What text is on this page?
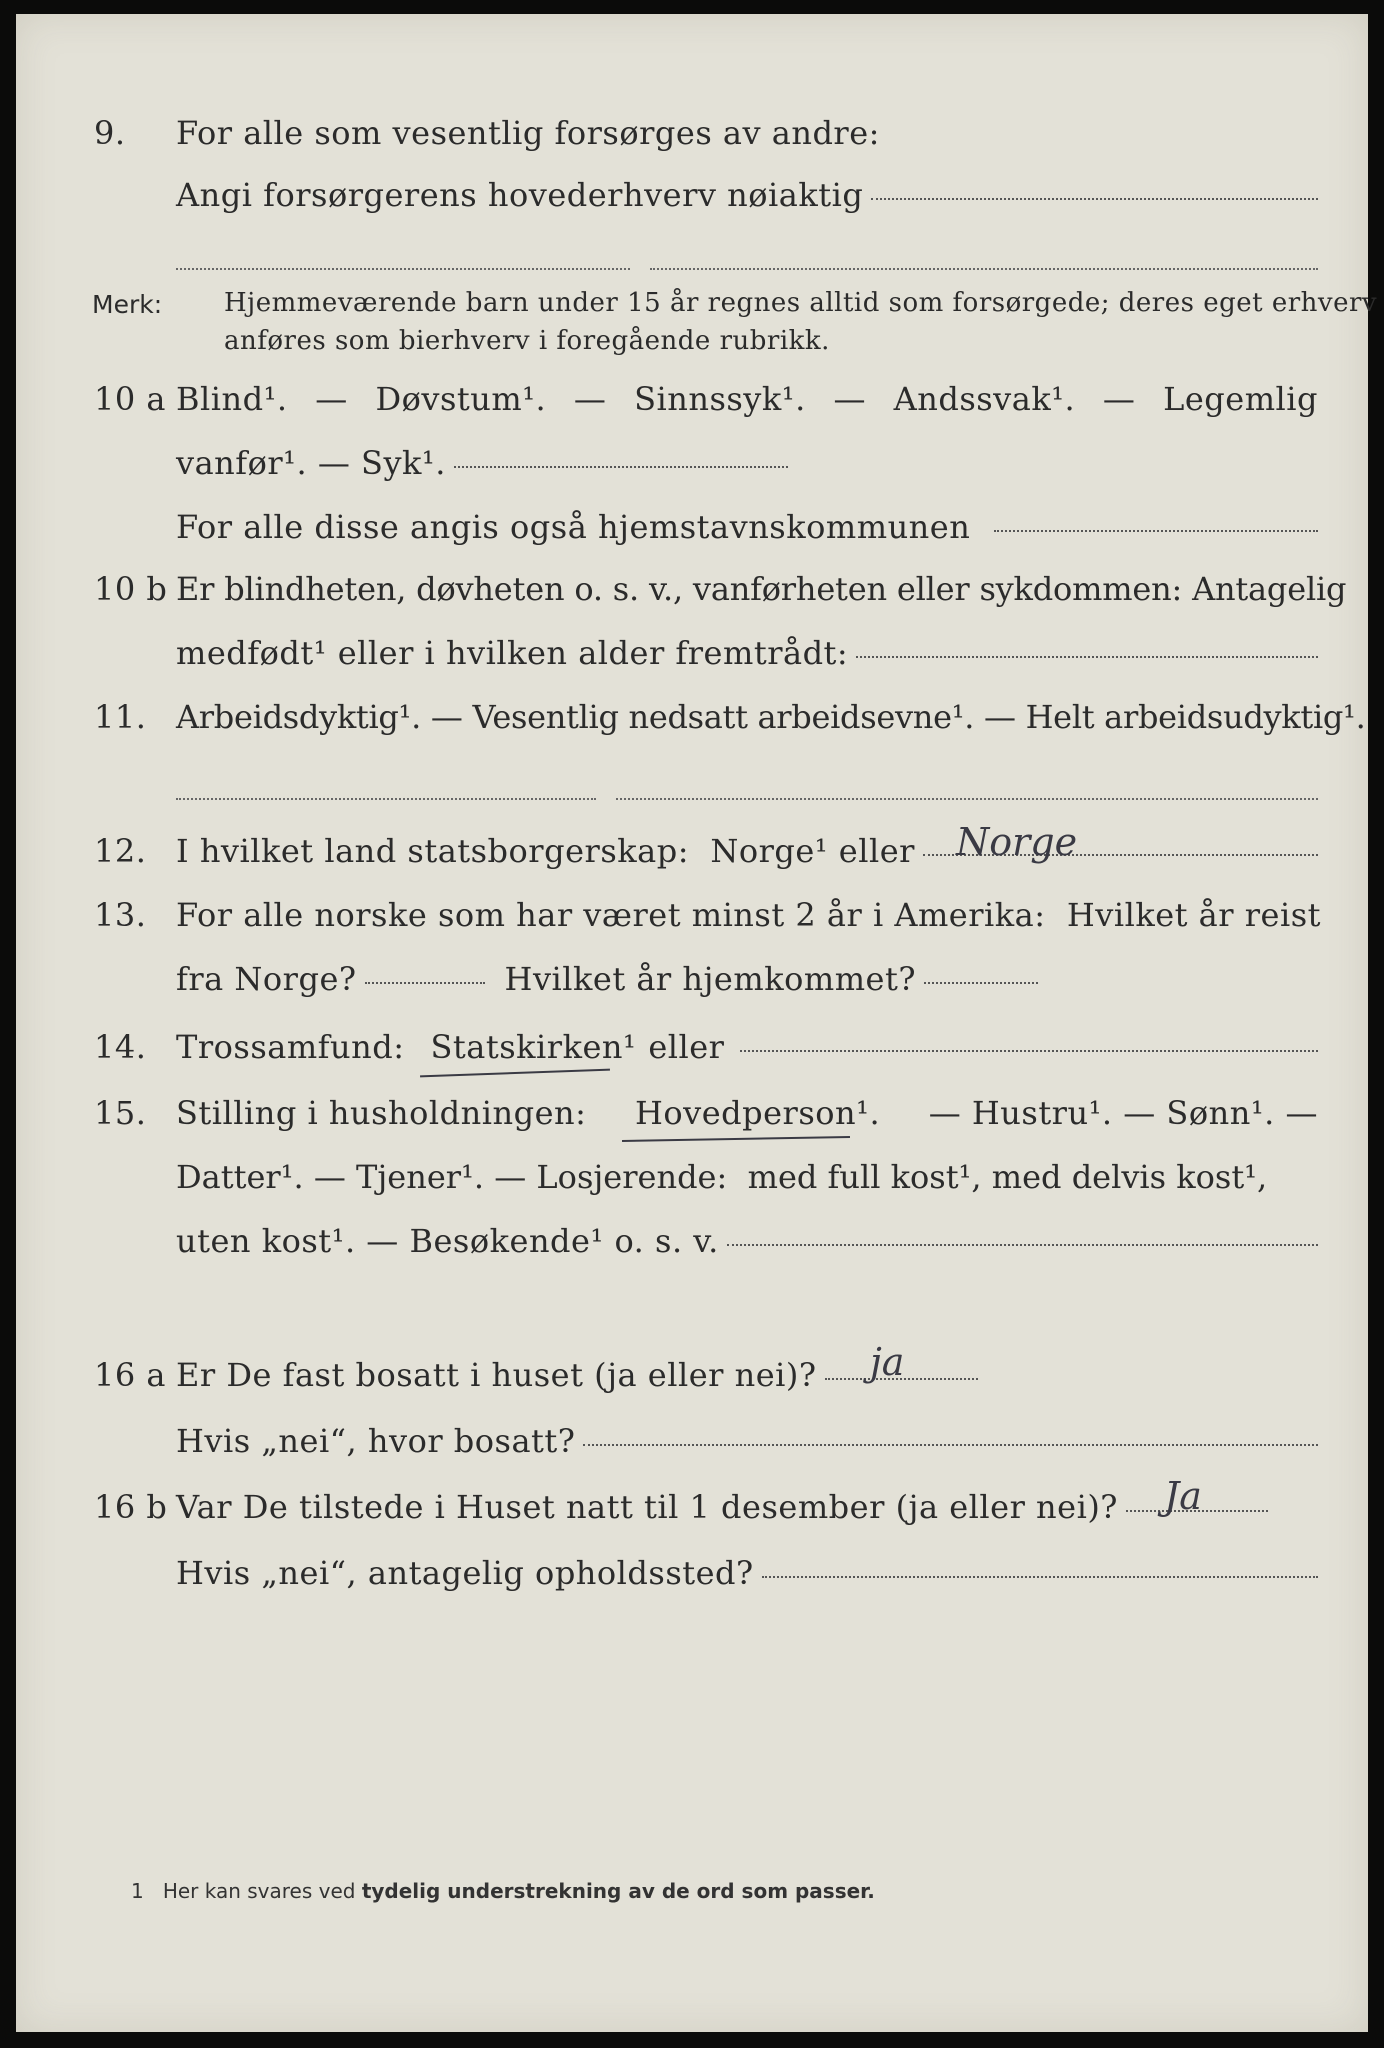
9. For alle som vesentlig forsørges av andre:
Angi forsørgerens hovederhverv nøiaktig
Merk: Hjemmeværende barn under 15 år regnes alltid som forsørgede; deres eget erhverv
anføres som bierhverv i foregående rubrikk.
10 a Blind¹. — Døvstum¹. — Sinnssyk¹. — Andssvak¹. — Legemlig
vanfør¹. — Syk¹.
For alle disse angis også hjemstavnskommunen
10 b Er blindheten, døvheten o. s. v., vanførheten eller sykdommen: Antagelig
medfødt¹ eller i hvilken alder fremtrådt:
11. Arbeidsdyktig¹. — Vesentlig nedsatt arbeidsevne¹. — Helt arbeidsudyktig¹.
12. I hvilket land statsborgerskap:  Norge¹ eller Norge
13. For alle norske som har været minst 2 år i Amerika:  Hvilket år reist
fra Norge?	Hvilket år hjemkommet?
14. Trossamfund: Statskirken¹ eller
15. Stilling i husholdningen: Hovedperson¹. — Hustru¹. — Sønn¹. —
Datter¹. — Tjener¹. — Losjerende:  med full kost¹, med delvis kost¹,
uten kost¹. — Besøkende¹ o. s. v.
16 a Er De fast bosatt i huset (ja eller nei)? ja
Hvis „nei“, hvor bosatt?
16 b Var De tilstede i Huset natt til 1 desember (ja eller nei)? Ja
Hvis „nei“, antagelig opholdssted?
1 Her kan svares ved tydelig understrekning av de ord som passer.
